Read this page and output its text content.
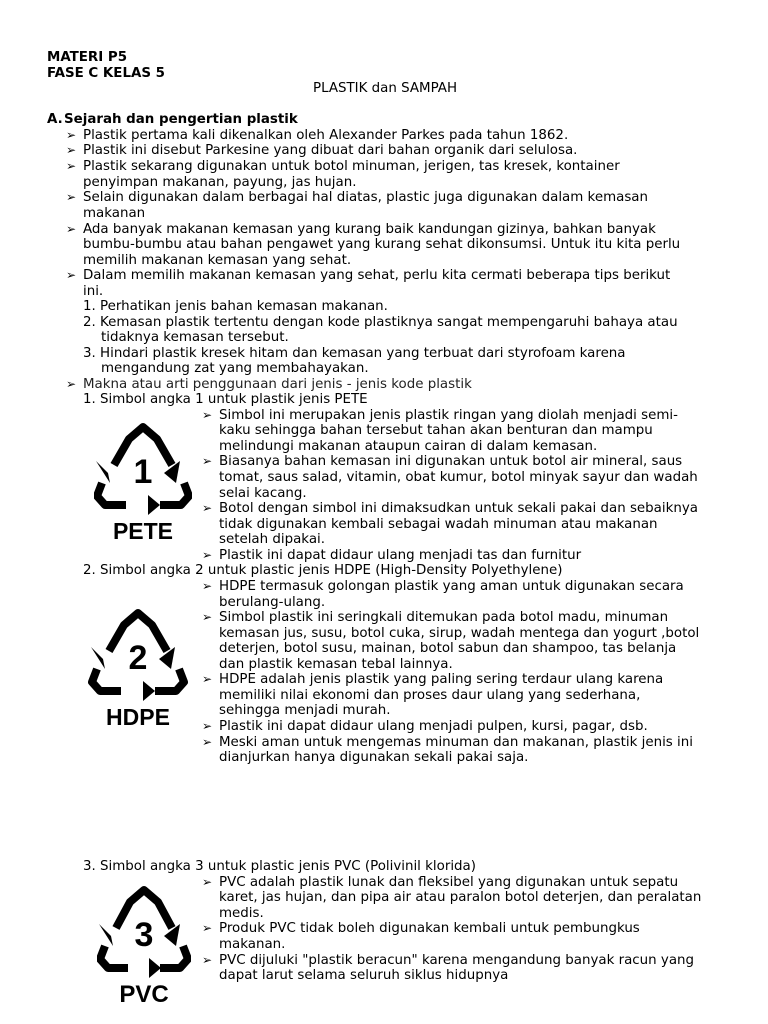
MATERI P5
FASE C KELAS 5
PLASTIK dan SAMPAH
A. Sejarah dan pengertian plastik
➢ Plastik pertama kali dikenalkan oleh Alexander Parkes pada tahun 1862.
➢ Plastik ini disebut Parkesine yang dibuat dari bahan organik dari selulosa.
➢ Plastik sekarang digunakan untuk botol minuman, jerigen, tas kresek, kontainer
penyimpan makanan, payung, jas hujan.
➢ Selain digunakan dalam berbagai hal diatas, plastic juga digunakan dalam kemasan
makanan
➢ Ada banyak makanan kemasan yang kurang baik kandungan gizinya, bahkan banyak
bumbu-bumbu atau bahan pengawet yang kurang sehat dikonsumsi. Untuk itu kita perlu
memilih makanan kemasan yang sehat.
➢ Dalam memilih makanan kemasan yang sehat, perlu kita cermati beberapa tips berikut
ini.
1. Perhatikan jenis bahan kemasan makanan.
2. Kemasan plastik tertentu dengan kode plastiknya sangat mempengaruhi bahaya atau
tidaknya kemasan tersebut.
3. Hindari plastik kresek hitam dan kemasan yang terbuat dari styrofoam karena
mengandung zat yang membahayakan.
➢ Makna atau arti penggunaan dari jenis - jenis kode plastik
1. Simbol angka 1 untuk plastik jenis PETE
1
PETE
➢ Simbol ini merupakan jenis plastik ringan yang diolah menjadi semi-
kaku sehingga bahan tersebut tahan akan benturan dan mampu
melindungi makanan ataupun cairan di dalam kemasan.
➢ Biasanya bahan kemasan ini digunakan untuk botol air mineral, saus
tomat, saus salad, vitamin, obat kumur, botol minyak sayur dan wadah
selai kacang.
➢ Botol dengan simbol ini dimaksudkan untuk sekali pakai dan sebaiknya
tidak digunakan kembali sebagai wadah minuman atau makanan
setelah dipakai.
➢ Plastik ini dapat didaur ulang menjadi tas dan furnitur
2. Simbol angka 2 untuk plastic jenis HDPE (High-Density Polyethylene)
2
HDPE
➢ HDPE termasuk golongan plastik yang aman untuk digunakan secara
berulang-ulang.
➢ Simbol plastik ini seringkali ditemukan pada botol madu, minuman
kemasan jus, susu, botol cuka, sirup, wadah mentega dan yogurt ,botol
deterjen, botol susu, mainan, botol sabun dan shampoo, tas belanja
dan plastik kemasan tebal lainnya.
➢ HDPE adalah jenis plastik yang paling sering terdaur ulang karena
memiliki nilai ekonomi dan proses daur ulang yang sederhana,
sehingga menjadi murah.
➢ Plastik ini dapat didaur ulang menjadi pulpen, kursi, pagar, dsb.
➢ Meski aman untuk mengemas minuman dan makanan, plastik jenis ini
dianjurkan hanya digunakan sekali pakai saja.
3. Simbol angka 3 untuk plastic jenis PVC (Polivinil klorida)
3
PVC
➢ PVC adalah plastik lunak dan fleksibel yang digunakan untuk sepatu
karet, jas hujan, dan pipa air atau paralon botol deterjen, dan peralatan
medis.
➢ Produk PVC tidak boleh digunakan kembali untuk pembungkus
makanan.
➢ PVC dijuluki "plastik beracun" karena mengandung banyak racun yang
dapat larut selama seluruh siklus hidupnya
